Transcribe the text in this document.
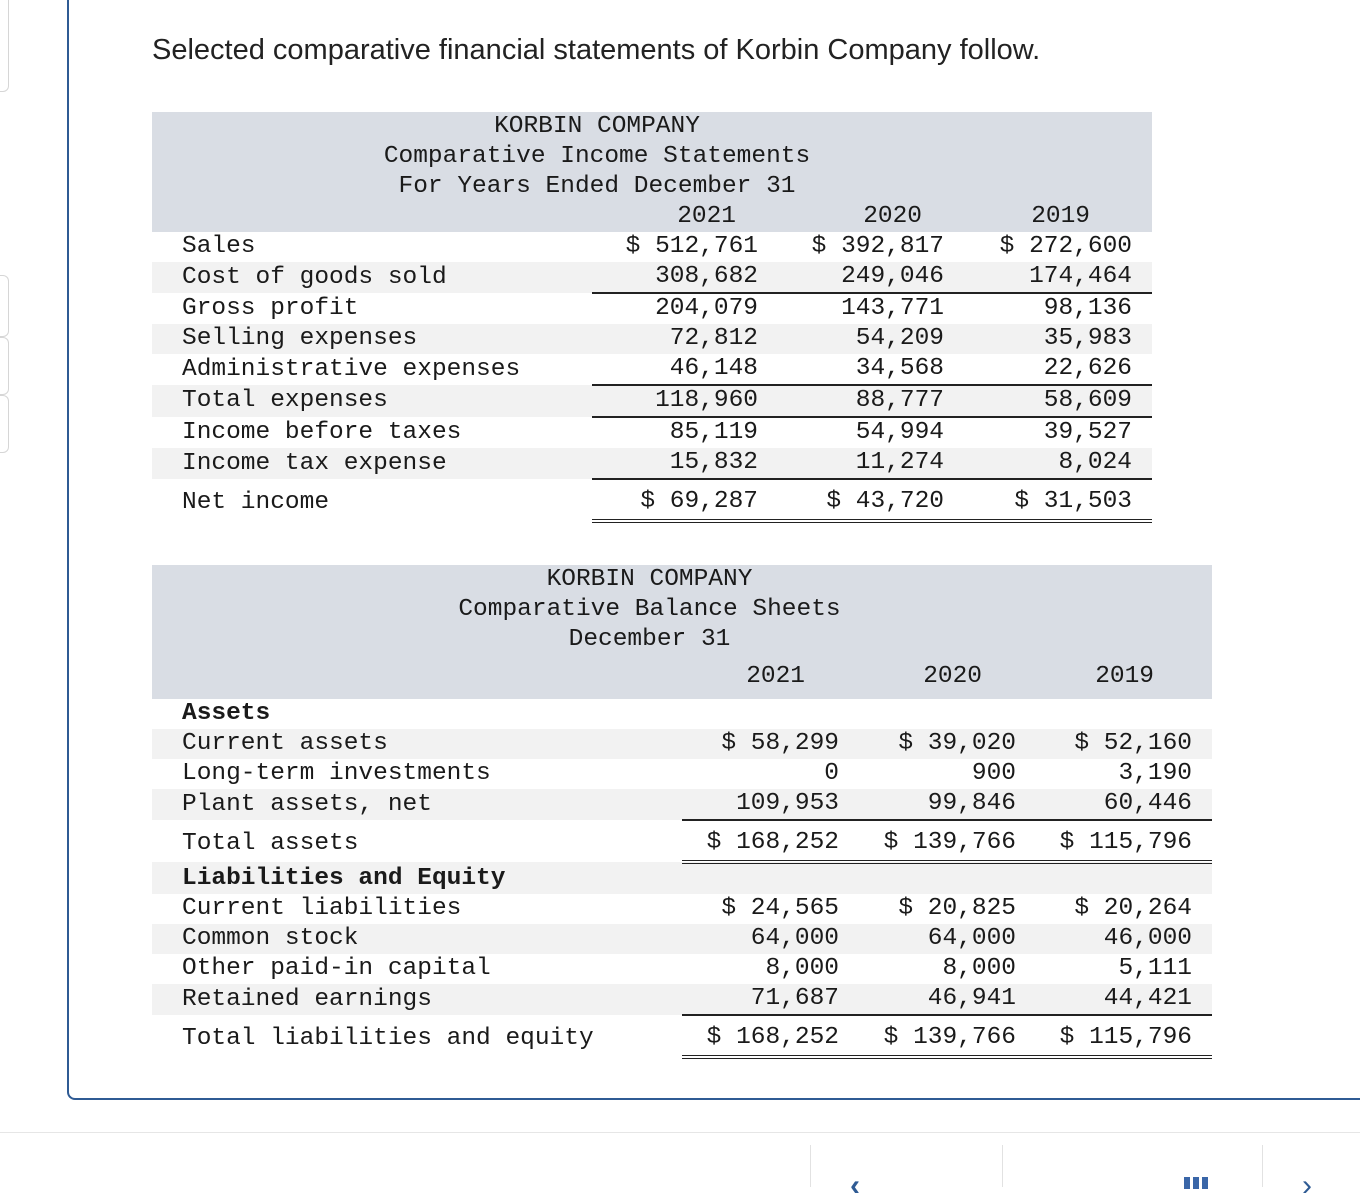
Selected comparative financial statements of Korbin Company follow.

KORBIN COMPANY			
Comparative Income Statements			
For Years Ended December 31			
	2021	2020	2019
Sales	$ 512,761	$ 392,817	$ 272,600
Cost of goods sold	308,682	249,046	174,464
Gross profit	204,079	143,771	98,136
Selling expenses	72,812	54,209	35,983
Administrative expenses	46,148	34,568	22,626
Total expenses	118,960	88,777	58,609
Income before taxes	85,119	54,994	39,527
Income tax expense	15,832	11,274	8,024
Net income	$ 69,287	$ 43,720	$ 31,503
KORBIN COMPANY			
Comparative Balance Sheets			
December 31			
	2021	2020	2019
Assets			
Current assets	$ 58,299	$ 39,020	$ 52,160
Long-term investments	0	900	3,190
Plant assets, net	109,953	99,846	60,446
Total assets	$ 168,252	$ 139,766	$ 115,796
Liabilities and Equity			
Current liabilities	$ 24,565	$ 20,825	$ 20,264
Common stock	64,000	64,000	46,000
Other paid-in capital	8,000	8,000	5,111
Retained earnings	71,687	46,941	44,421
Total liabilities and equity	$ 168,252	$ 139,766	$ 115,796
‹	›
